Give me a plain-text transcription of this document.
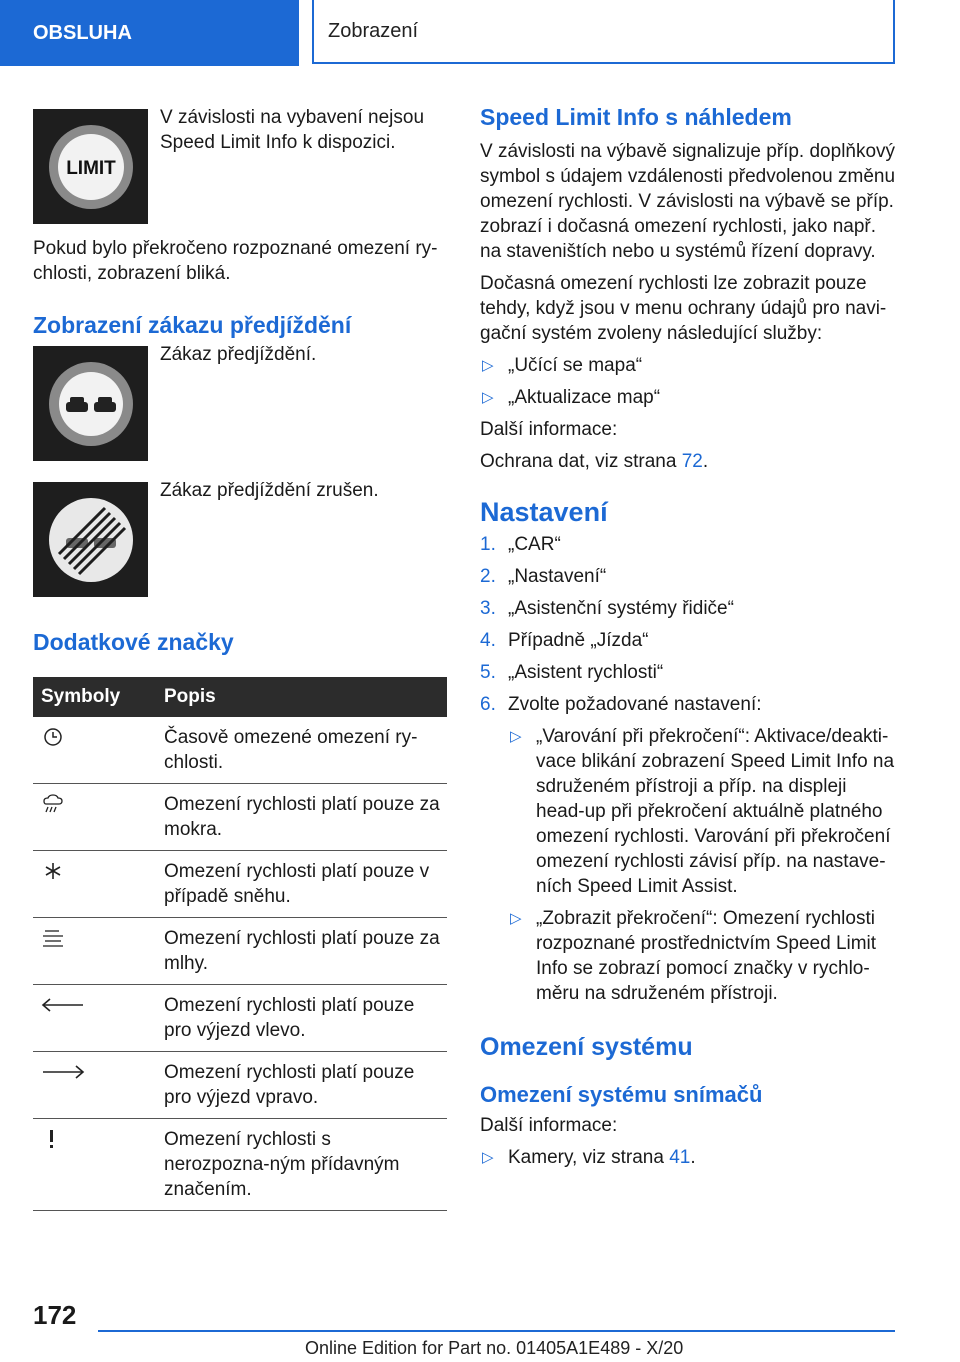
OBSLUHA	Zobrazení
LIMIT
V závislosti na vybavení nejsou Speed Limit Info k dispozici.

Pokud bylo překročeno rozpoznané omezení ry-chlosti, zobrazení bliká.

Zobrazení zákazu předjíždění
Zákaz předjíždění.
Zákaz předjíždění zrušen.
Dodatkové značky
Symboly	Popis
	Časově omezené omezení ry-chlosti.
	Omezení rychlosti platí pouze za mokra.
	Omezení rychlosti platí pouze v případě sněhu.
	Omezení rychlosti platí pouze za mlhy.
	Omezení rychlosti platí pouze pro výjezd vlevo.
	Omezení rychlosti platí pouze pro výjezd vpravo.
	Omezení rychlosti s nerozpozna-ným přídavným značením.
Speed Limit Info s náhledem

V závislosti na výbavě signalizuje příp. doplňkový symbol s údajem vzdálenosti předvolenou změnu omezení rychlosti. V závislosti na výbavě se příp. zobrazí i dočasná omezení rychlosti, jako např. na staveništích nebo u systémů řízení dopravy.

Dočasná omezení rychlosti lze zobrazit pouze tehdy, když jsou v menu ochrany údajů pro navi-gační systém zvoleny následující služby:

▷ „Učící se mapa“
▷ „Aktualizace map“

Další informace:

Ochrana dat, viz strana 72.

Nastavení
1. „CAR“
2. „Nastavení“
3. „Asistenční systémy řidiče“
4. Případně „Jízda“
5. „Asistent rychlosti“
6. Zvolte požadované nastavení:
▷ „Varování při překročení“: Aktivace/deakti-vace blikání zobrazení Speed Limit Info na sdruženém přístroji a příp. na displeji head-up při překročení aktuálně platného omezení rychlosti. Varování při překročení omezení rychlosti závisí příp. na nastave-ních Speed Limit Assist.
▷ „Zobrazit překročení“: Omezení rychlosti rozpoznané prostřednictvím Speed Limit Info se zobrazí pomocí značky v rychlo-měru na sdruženém přístroji.
Omezení systému
Omezení systému snímačů

Další informace:

▷ Kamery, viz strana 41.
172
Online Edition for Part no. 01405A1E489 - X/20
